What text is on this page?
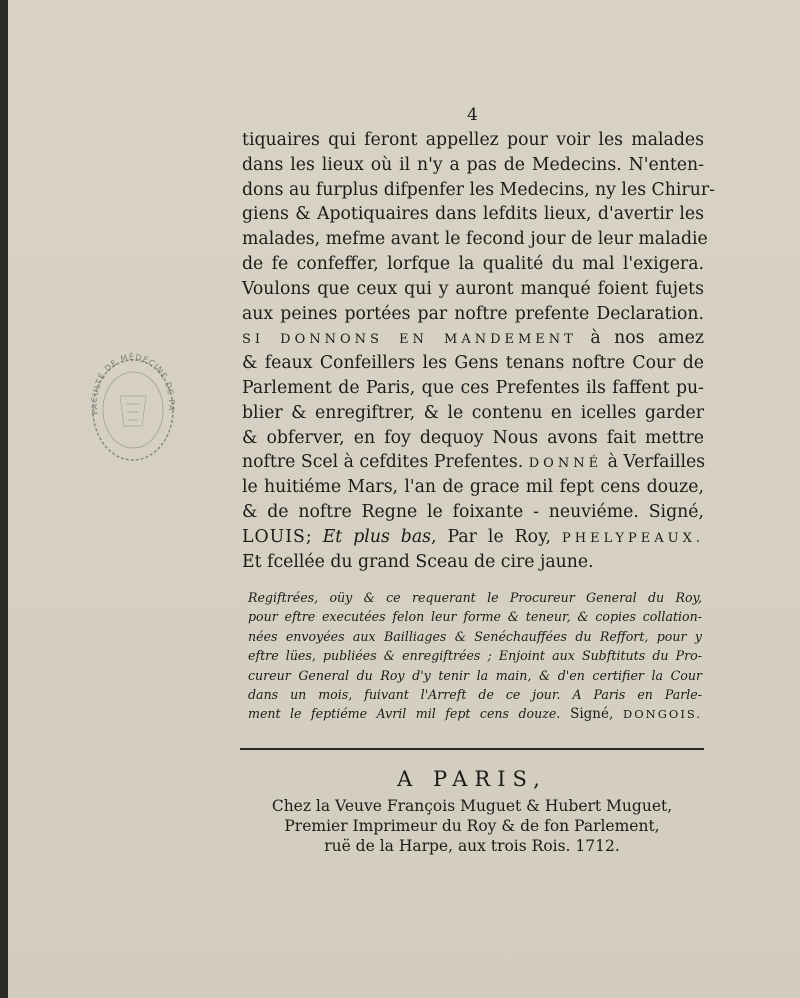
FACULTÉ DE MÉDECINE DE PA
4
tiquaires qui feront appellez pour voir les malades
dans les lieux où il n'y a pas de Medecins. N'enten-
dons au furplus difpenfer les Medecins, ny les Chirur-
giens & Apotiquaires dans lefdits lieux, d'avertir les
malades, mefme avant le fecond jour de leur maladie
de fe confeffer, lorfque la qualité du mal l'exigera.
Voulons que ceux qui y auront manqué foient fujets
aux peines portées par noftre prefente Declaration.
SI DONNONS EN MANDEMENT à nos amez
& feaux Confeillers les Gens tenans noftre Cour de
Parlement de Paris, que ces Prefentes ils faffent pu-
blier & enregiftrer, & le contenu en icelles garder
& obferver, en foy dequoy Nous avons fait mettre
noftre Scel à cefdites Prefentes. DONNÉ à Verfailles
le huitiéme Mars, l'an de grace mil fept cens douze,
& de noftre Regne le foixante - neuviéme. Signé,
LOUIS; Et plus bas, Par le Roy, PHELYPEAUX.
Et fcellée du grand Sceau de cire jaune.
Regiftrées, oüy & ce requerant le Procureur General du Roy,
pour eftre executées felon leur forme & teneur, & copies collation-
nées envoyées aux Bailliages & Senéchauffées du Reffort, pour y
eftre lües, publiées & enregiftrées ; Enjoint aux Subftituts du Pro-
cureur General du Roy d'y tenir la main, & d'en certifier la Cour
dans un mois, fuivant l'Arreft de ce jour. A Paris en Parle-
ment le feptiéme Avril mil fept cens douze. Signé, DONGOIS.
A PARIS,
Chez la Veuve François Muguet & Hubert Muguet,
Premier Imprimeur du Roy & de fon Parlement,
ruë de la Harpe, aux trois Rois. 1712.
